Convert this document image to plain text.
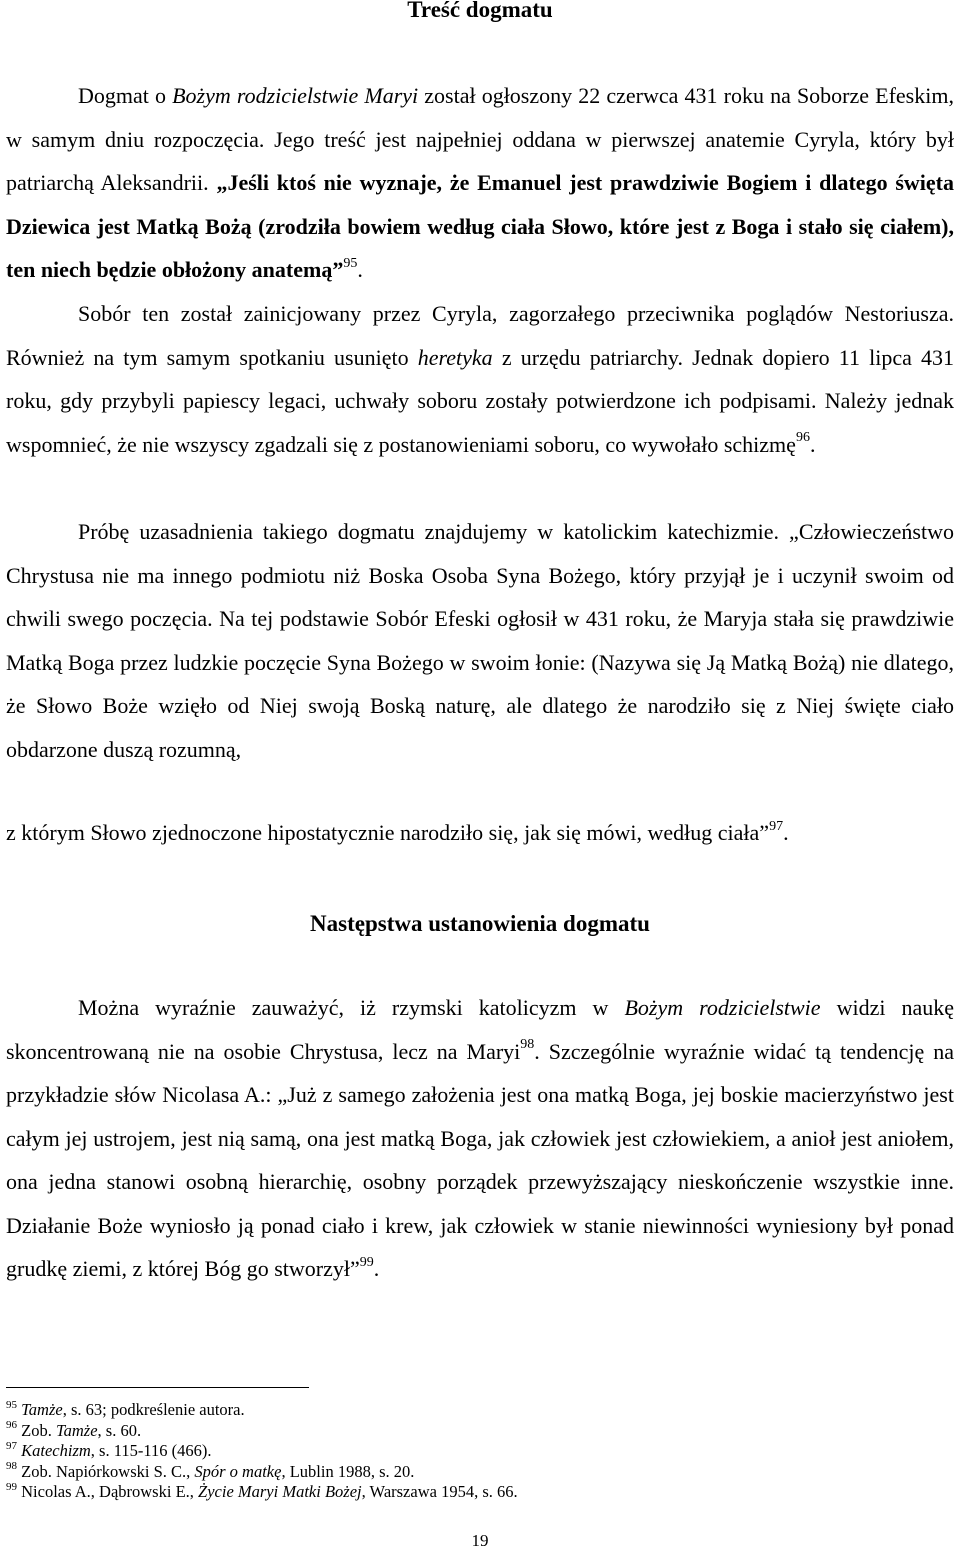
Treść dogmatu

Dogmat o Bożym rodzicielstwie Maryi został ogłoszony 22 czerwca 431 roku na Soborze Efeskim, w samym dniu rozpoczęcia. Jego treść jest najpełniej oddana w pierwszej anatemie Cyryla, który był patriarchą Aleksandrii. „Jeśli ktoś nie wyznaje, że Emanuel jest prawdziwie Bogiem i dlatego święta Dziewica jest Matką Bożą (zrodziła bowiem według ciała Słowo, które jest z Boga i stało się ciałem), ten niech będzie obłożony anatemą”$^{95}$.

Sobór ten został zainicjowany przez Cyryla, zagorzałego przeciwnika poglądów Nestoriusza. Również na tym samym spotkaniu usunięto heretyka z urzędu patriarchy. Jednak dopiero 11 lipca 431 roku, gdy przybyli papiescy legaci, uchwały soboru zostały potwierdzone ich podpisami. Należy jednak wspomnieć, że nie wszyscy zgadzali się z postanowieniami soboru, co wywołało schizmę$^{96}$.

Próbę uzasadnienia takiego dogmatu znajdujemy w katolickim katechizmie. „Człowieczeństwo Chrystusa nie ma innego podmiotu niż Boska Osoba Syna Bożego, który przyjął je i uczynił swoim od chwili swego poczęcia. Na tej podstawie Sobór Efeski ogłosił w 431 roku, że Maryja stała się prawdziwie Matką Boga przez ludzkie poczęcie Syna Bożego w swoim łonie: (Nazywa się Ją Matką Bożą) nie dlatego, że Słowo Boże wzięło od Niej swoją Boską naturę, ale dlatego że narodziło się z Niej święte ciało obdarzone duszą rozumną,

z którym Słowo zjednoczone hipostatycznie narodziło się, jak się mówi, według ciała”$^{97}$.

Następstwa ustanowienia dogmatu

Można wyraźnie zauważyć, iż rzymski katolicyzm w Bożym rodzicielstwie widzi naukę skoncentrowaną nie na osobie Chrystusa, lecz na Maryi$^{98}$. Szczególnie wyraźnie widać tą tendencję na przykładzie słów Nicolasa A.: „Już z samego założenia jest ona matką Boga, jej boskie macierzyństwo jest całym jej ustrojem, jest nią samą, ona jest matką Boga, jak człowiek jest człowiekiem, a anioł jest aniołem, ona jedna stanowi osobną hierarchię, osobny porządek przewyższający nieskończenie wszystkie inne. Działanie Boże wyniosło ją ponad ciało i krew, jak człowiek w stanie niewinności wyniesiony był ponad grudkę ziemi, z której Bóg go stworzył”$^{99}$.

$^{95}$ Tamże, s. 63; podkreślenie autora.

$^{96}$ Zob. Tamże, s. 60.

$^{97}$ Katechizm, s. 115-116 (466).

$^{98}$ Zob. Napiórkowski S. C., Spór o matkę, Lublin 1988, s. 20.

$^{99}$ Nicolas A., Dąbrowski E., Życie Maryi Matki Bożej, Warszawa 1954, s. 66.

19
